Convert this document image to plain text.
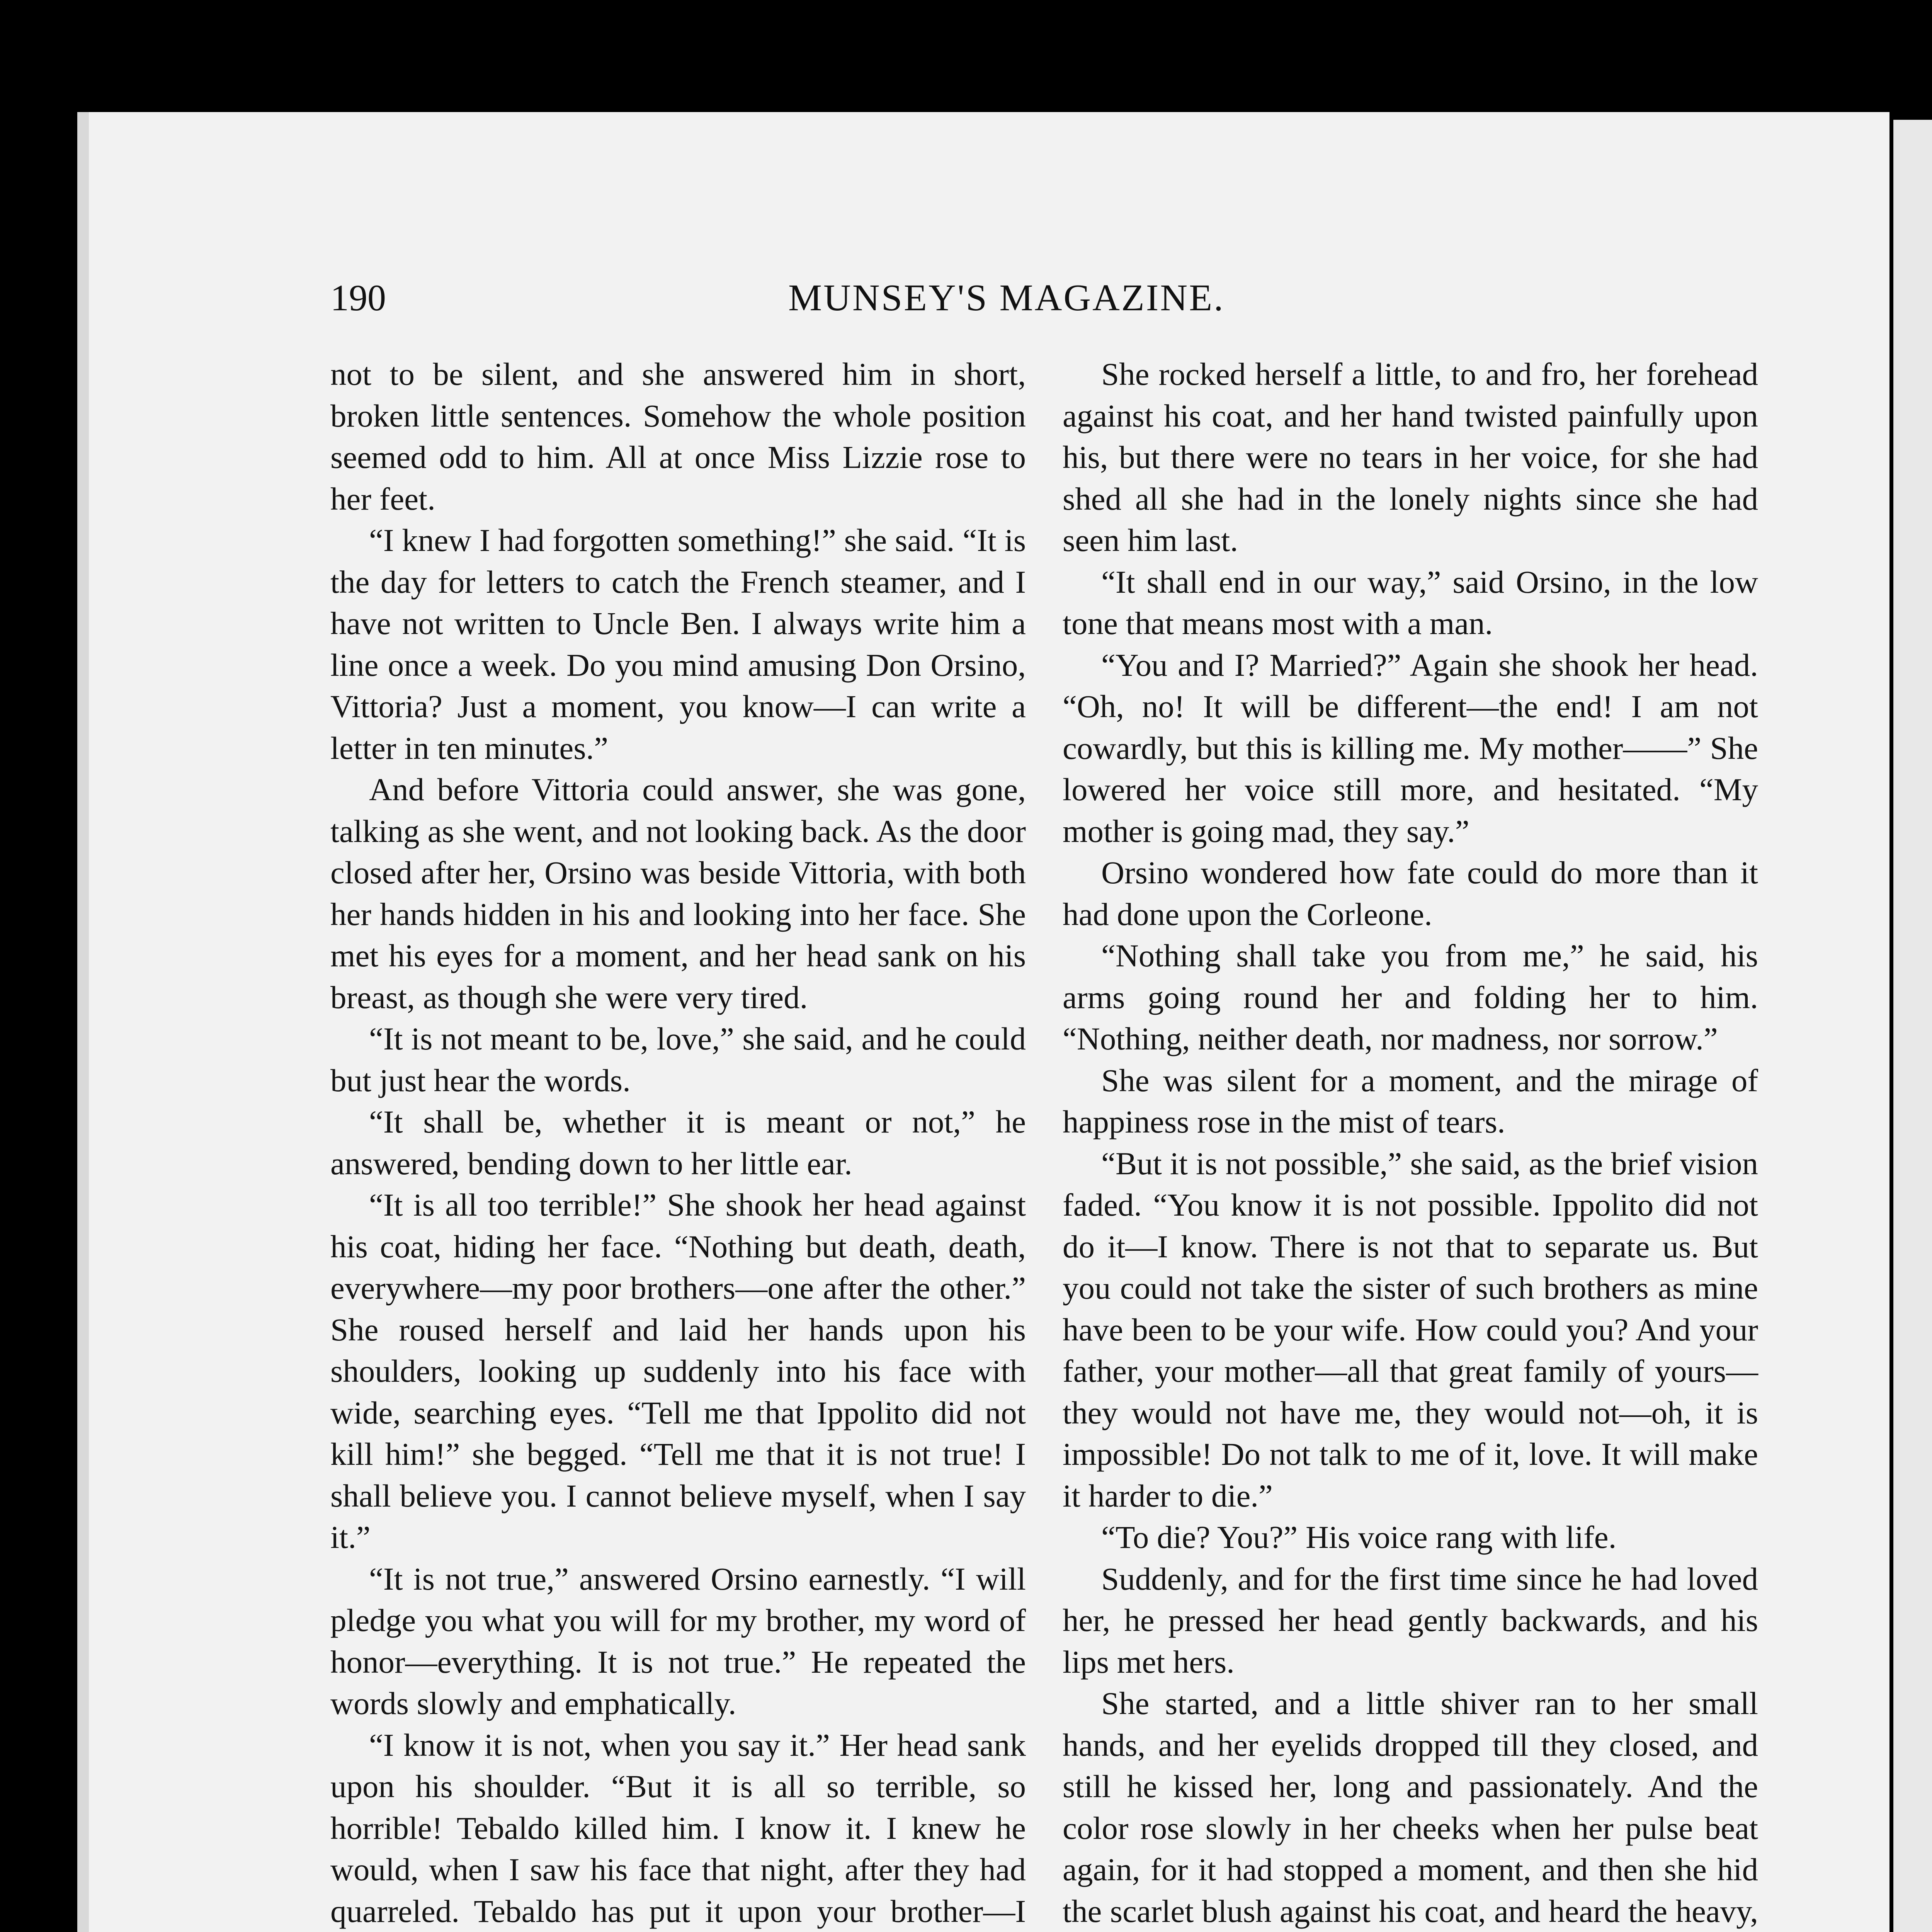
190	MUNSEY'S MAGAZINE.

not to be silent, and she answered him in short, broken little sentences. Somehow the whole position seemed odd to him. All at once Miss Lizzie rose to her feet.

“I knew I had forgotten something!” she said. “It is the day for letters to catch the French steamer, and I have not written to Uncle Ben. I always write him a line once a week. Do you mind amusing Don Orsino, Vittoria? Just a moment, you know—I can write a letter in ten minutes.”

And before Vittoria could answer, she was gone, talking as she went, and not looking back. As the door closed after her, Orsino was beside Vittoria, with both her hands hidden in his and looking into her face. She met his eyes for a moment, and her head sank on his breast, as though she were very tired.

“It is not meant to be, love,” she said, and he could but just hear the words.

“It shall be, whether it is meant or not,” he answered, bending down to her little ear.

“It is all too terrible!” She shook her head against his coat, hiding her face. “Nothing but death, death, everywhere—my poor brothers—one after the other.” She roused herself and laid her hands upon his shoulders, looking up suddenly into his face with wide, searching eyes. “Tell me that Ippolito did not kill him!” she begged. “Tell me that it is not true! I shall believe you. I cannot believe myself, when I say it.”

“It is not true,” answered Orsino earnestly. “I will pledge you what you will for my brother, my word of honor—everything. It is not true.” He repeated the words slowly and emphatically.

“I know it is not, when you say it.” Her head sank upon his shoulder. “But it is all so terrible, so horrible! Tebaldo killed him. I know it. I knew he would, when I saw his face that night, after they had quarreled. Tebaldo has put it upon your brother—I

She rocked herself a little, to and fro, her forehead against his coat, and her hand twisted painfully upon his, but there were no tears in her voice, for she had shed all she had in the lonely nights since she had seen him last.

“It shall end in our way,” said Orsino, in the low tone that means most with a man.

“You and I? Married?” Again she shook her head. “Oh, no! It will be different—the end! I am not cowardly, but this is killing me. My mother——” She lowered her voice still more, and hesitated. “My mother is going mad, they say.”

Orsino wondered how fate could do more than it had done upon the Corleone.

“Nothing shall take you from me,” he said, his arms going round her and folding her to him. “Nothing, neither death, nor madness, nor sorrow.”

She was silent for a moment, and the mirage of happiness rose in the mist of tears.

“But it is not possible,” she said, as the brief vision faded. “You know it is not possible. Ippolito did not do it—I know. There is not that to separate us. But you could not take the sister of such brothers as mine have been to be your wife. How could you? And your father, your mother—all that great family of yours—they would not have me, they would not—oh, it is impossible! Do not talk to me of it, love. It will make it harder to die.”

“To die? You?” His voice rang with life.

Suddenly, and for the first time since he had loved her, he pressed her head gently backwards, and his lips met hers.

She started, and a little shiver ran to her small hands, and her eyelids dropped till they closed, and still he kissed her, long and passionately. And the color rose slowly in her cheeks when her pulse beat again, for it had stopped a moment, and then she hid the scarlet blush against his coat, and heard the heavy,
